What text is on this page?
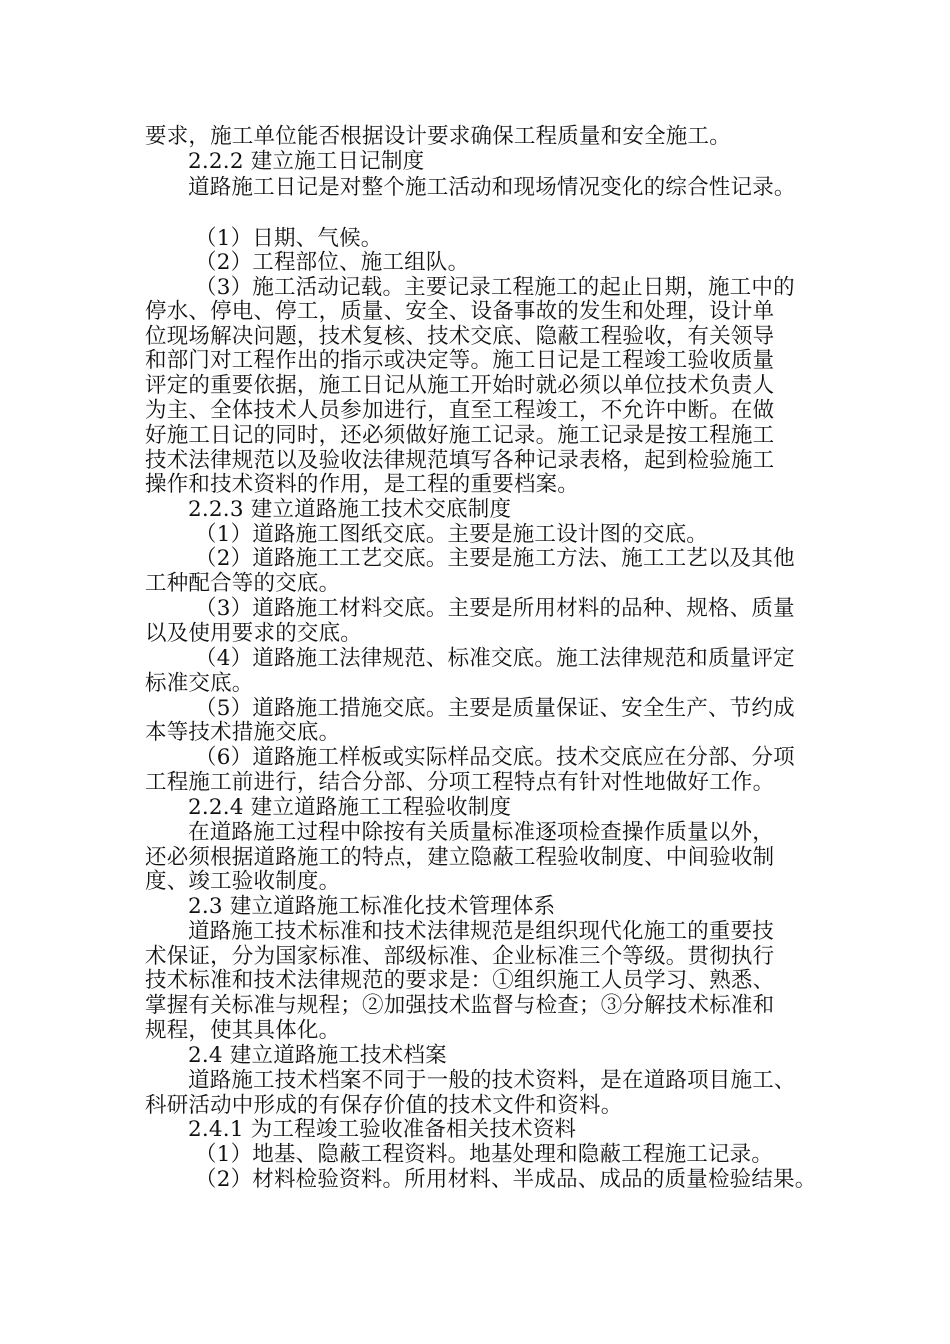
要求，施工单位能否根据设计要求确保工程质量和安全施工。
2.2.2 建立施工日记制度
道路施工日记是对整个施工活动和现场情况变化的综合性记录。
（1）日期、气候。
（2）工程部位、施工组队。
（3）施工活动记载。主要记录工程施工的起止日期，施工中的
停水、停电、停工，质量、安全、设备事故的发生和处理，设计单
位现场解决问题，技术复核、技术交底、隐蔽工程验收，有关领导
和部门对工程作出的指示或决定等。施工日记是工程竣工验收质量
评定的重要依据，施工日记从施工开始时就必须以单位技术负责人
为主、全体技术人员参加进行，直至工程竣工，不允许中断。在做
好施工日记的同时，还必须做好施工记录。施工记录是按工程施工
技术法律规范以及验收法律规范填写各种记录表格，起到检验施工
操作和技术资料的作用，是工程的重要档案。
2.2.3 建立道路施工技术交底制度
（1）道路施工图纸交底。主要是施工设计图的交底。
（2）道路施工工艺交底。主要是施工方法、施工工艺以及其他
工种配合等的交底。
（3）道路施工材料交底。主要是所用材料的品种、规格、质量
以及使用要求的交底。
（4）道路施工法律规范、标准交底。施工法律规范和质量评定
标准交底。
（5）道路施工措施交底。主要是质量保证、安全生产、节约成
本等技术措施交底。
（6）道路施工样板或实际样品交底。技术交底应在分部、分项
工程施工前进行，结合分部、分项工程特点有针对性地做好工作。
2.2.4 建立道路施工工程验收制度
在道路施工过程中除按有关质量标准逐项检查操作质量以外，
还必须根据道路施工的特点，建立隐蔽工程验收制度、中间验收制
度、竣工验收制度。
2.3 建立道路施工标准化技术管理体系
道路施工技术标准和技术法律规范是组织现代化施工的重要技
术保证，分为国家标准、部级标准、企业标准三个等级。贯彻执行
技术标准和技术法律规范的要求是：①组织施工人员学习、熟悉、
掌握有关标准与规程；②加强技术监督与检查；③分解技术标准和
规程，使其具体化。
2.4 建立道路施工技术档案
道路施工技术档案不同于一般的技术资料，是在道路项目施工、
科研活动中形成的有保存价值的技术文件和资料。
2.4.1 为工程竣工验收准备相关技术资料
（1）地基、隐蔽工程资料。地基处理和隐蔽工程施工记录。
（2）材料检验资料。所用材料、半成品、成品的质量检验结果。
